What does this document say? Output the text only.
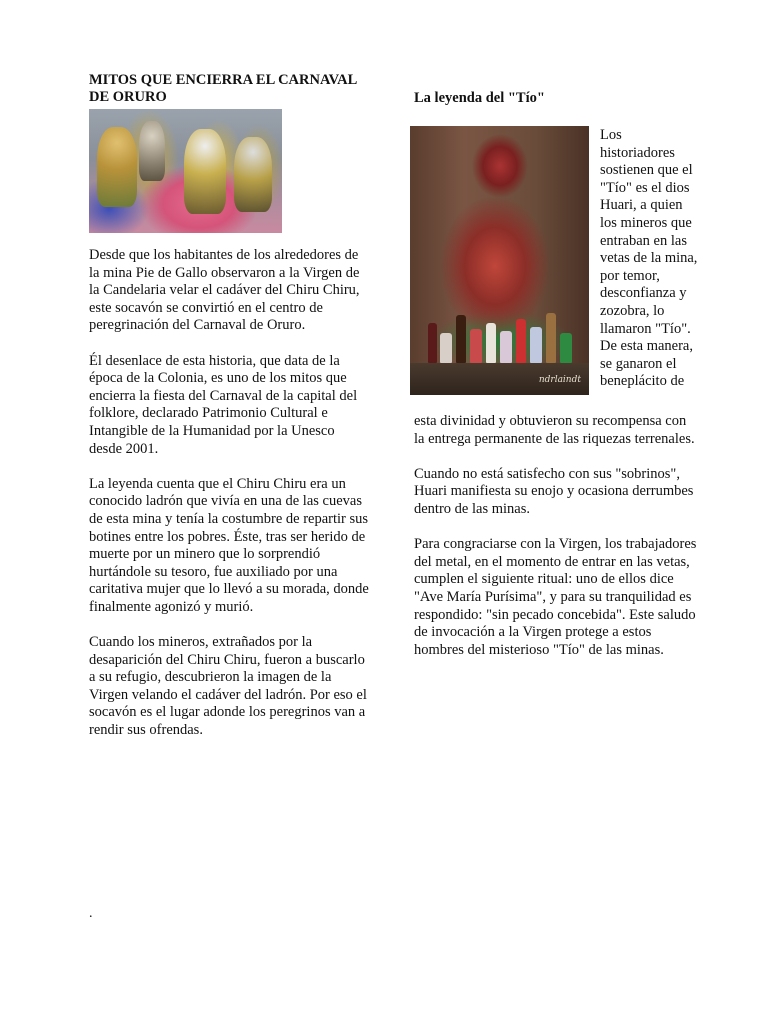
MITOS QUE ENCIERRA EL CARNAVAL DE ORURO

Desde que los habitantes de los alrededores de la mina Pie de Gallo observaron a la Virgen de la Candelaria velar el cadáver del Chiru Chiru, este socavón se convirtió en el centro de peregrinación del Carnaval de Oruro.

Él desenlace de esta historia, que data de la época de la Colonia, es uno de los mitos que encierra la fiesta del Carnaval de la capital del folklore, declarado Patrimonio Cultural e Intangible de la Humanidad por la Unesco desde 2001.

La leyenda cuenta que el Chiru Chiru era un conocido ladrón que vivía en una de las cuevas de esta mina y tenía la costumbre de repartir sus botines entre los pobres. Éste, tras ser herido de muerte por un minero que lo sorprendió hurtándole su tesoro, fue auxiliado por una caritativa mujer que lo llevó a su morada, donde finalmente agonizó y murió.

Cuando los mineros, extrañados por la desaparición del Chiru Chiru, fueron a buscarlo a su refugio, descubrieron la imagen de la Virgen velando el cadáver del ladrón. Por eso el socavón es el lugar adonde los peregrinos van a rendir sus ofrendas.

La leyenda del "Tío"
ndrlaindt

Los historiadores sostienen que el "Tío" es el dios Huari, a quien los mineros que entraban en las vetas de la mina, por temor, desconfianza y zozobra, lo llamaron "Tío". De esta manera, se ganaron el beneplácito de

esta divinidad y obtuvieron su recompensa con la entrega permanente de las riquezas terrenales.

Cuando no está satisfecho con sus "sobrinos", Huari manifiesta su enojo y ocasiona derrumbes dentro de las minas.

Para congraciarse con la Virgen, los trabajadores del metal, en el momento de entrar en las vetas, cumplen el siguiente ritual: uno de ellos dice "Ave María Purísima", y para su tranquilidad es respondido: "sin pecado concebida". Este saludo de invocación a la Virgen protege a estos hombres del misterioso "Tío" de las minas.

.
